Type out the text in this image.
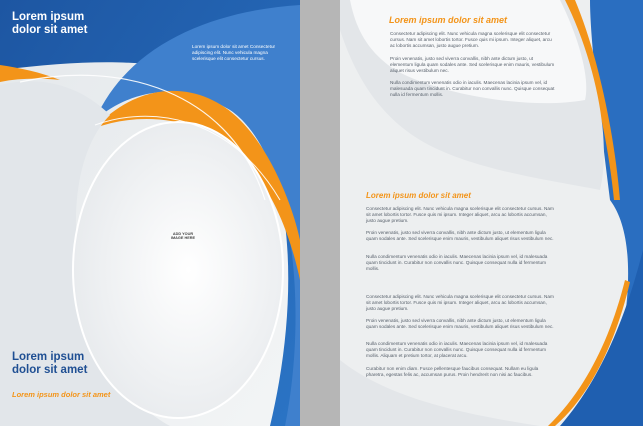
Lorem ipsum
dolor sit amet
Lorem ipsum dolor sit amet Consectetur adipiscing elit. Nunc vehicula magna scelerisque elit consectetur cursus.
ADD YOUR
IMAGE HERE
Lorem ipsum
dolor sit amet
Lorem ipsum dolor sit amet
Lorem ipsum dolor sit amet
Consectetur adipiscing elit. Nunc vehicula magna scelerisque elit consectetur cursus. Nam sit amet lobortis tortor. Fusce quis mi ipsum. Integer aliquet, arcu ac lobortis accumsan, justo augue pretium.
Proin venenatis, justo sed viverra convallis, nibh ante dictum justo, ut elementum ligula quam sodales ante. Sed scelerisque enim mauris, vestibulum aliquet risus vestibulum nec.
Nulla condimentum venenatis odio in iaculis. Maecenas lacinia ipsum vel, id malesuada quam tincidunt in. Curabitur non convallis nunc. Quisque consequat nulla id fermentum mollis.
Lorem ipsum dolor sit amet
Consectetur adipiscing elit. Nunc vehicula magna scelerisque elit consectetur cursus. Nam sit amet lobortis tortor. Fusce quis mi ipsum. Integer aliquet, arcu ac lobortis accumsan, justo augue pretium.
Proin venenatis, justo sed viverra convallis, nibh ante dictum justo, ut elementum ligula quam sodales ante. Sed scelerisque enim mauris, vestibulum aliquet risus vestibulum nec.
Nulla condimentum venenatis odio in iaculis. Maecenas lacinia ipsum vel, id malesuada quam tincidunt in. Curabitur non convallis nunc. Quisque consequat nulla id fermentum mollis.
Consectetur adipiscing elit. Nunc vehicula magna scelerisque elit consectetur cursus. Nam sit amet lobortis tortor. Fusce quis mi ipsum. Integer aliquet, arcu ac lobortis accumsan, justo augue pretium.
Proin venenatis, justo sed viverra convallis, nibh ante dictum justo, ut elementum ligula quam sodales ante. Sed scelerisque enim mauris, vestibulum aliquet risus vestibulum nec.
Nulla condimentum venenatis odio in iaculis. Maecenas lacinia ipsum vel, id malesuada quam tincidunt in. Curabitur non convallis nunc. Quisque consequat nulla id fermentum mollis. Aliquam et pretium tortor, at placerat arcu.
Curabitur non enim diam. Fusce pellentesque faucibus consequat. Nullam eu ligula pharetra, egestas felis ac, accumsan purus. Proin hendrerit non nisi ac faucibus.
